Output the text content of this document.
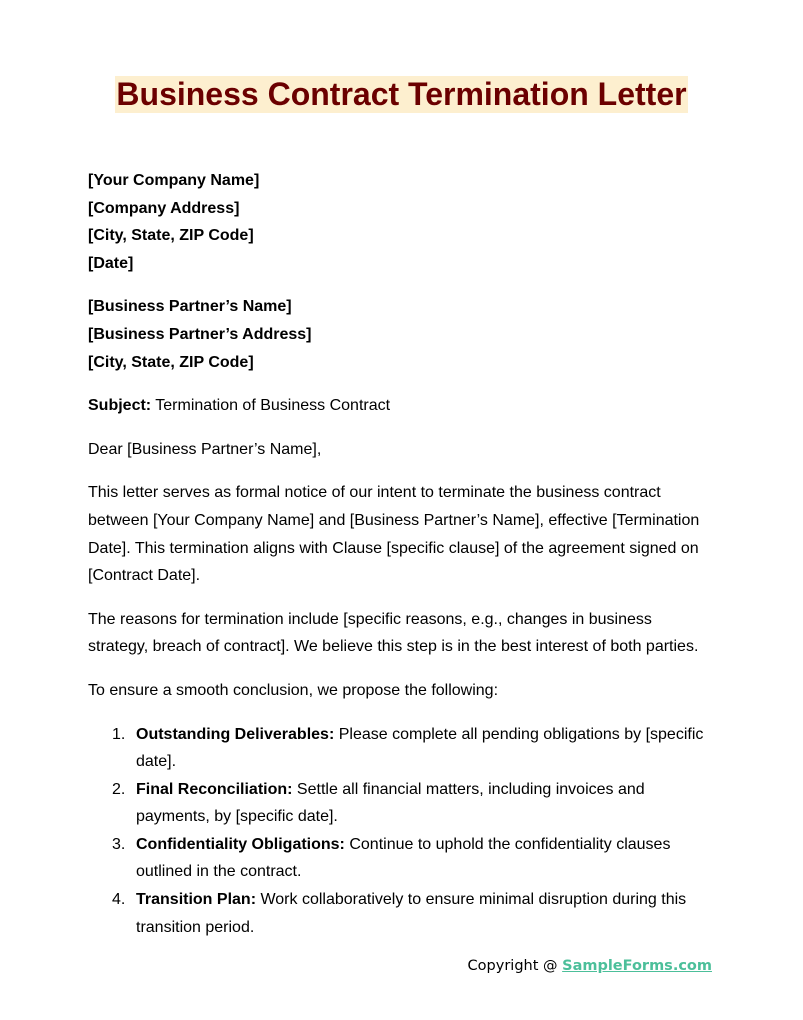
Business Contract Termination Letter

[Your Company Name]

[Company Address]

[City, State, ZIP Code]

[Date]

[Business Partner’s Name]

[Business Partner’s Address]

[City, State, ZIP Code]

Subject: Termination of Business Contract

Dear [Business Partner’s Name],

This letter serves as formal notice of our intent to terminate the business contract between [Your Company Name] and [Business Partner’s Name], effective [Termination Date]. This termination aligns with Clause [specific clause] of the agreement signed on [Contract Date].

The reasons for termination include [specific reasons, e.g., changes in business strategy, breach of contract]. We believe this step is in the best interest of both parties.

To ensure a smooth conclusion, we propose the following:

1. Outstanding Deliverables: Please complete all pending obligations by [specific date].
2. Final Reconciliation: Settle all financial matters, including invoices and payments, by [specific date].
3. Confidentiality Obligations: Continue to uphold the confidentiality clauses outlined in the contract.
4. Transition Plan: Work collaboratively to ensure minimal disruption during this transition period.
Copyright @ SampleForms.com
